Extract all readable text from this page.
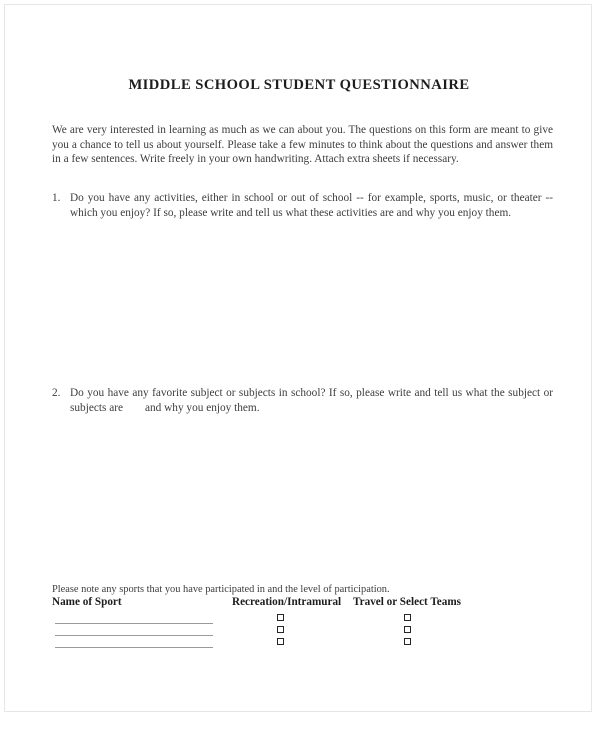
MIDDLE SCHOOL STUDENT QUESTIONNAIRE
We are very interested in learning as much as we can about you. The questions on this form are meant to give you a chance to tell us about yourself. Please take a few minutes to think about the questions and answer them in a few sentences. Write freely in your own handwriting. Attach extra sheets if necessary.
1. Do you have any activities, either in school or out of school -- for example, sports, music, or theater -- which you enjoy? If so, please write and tell us what these activities are and why you enjoy them.
2. Do you have any favorite subject or subjects in school? If so, please write and tell us what the subject or subjects are and why you enjoy them.
Please note any sports that you have participated in and the level of participation.
Name of Sport	Recreation/Intramural Travel or Select Teams
